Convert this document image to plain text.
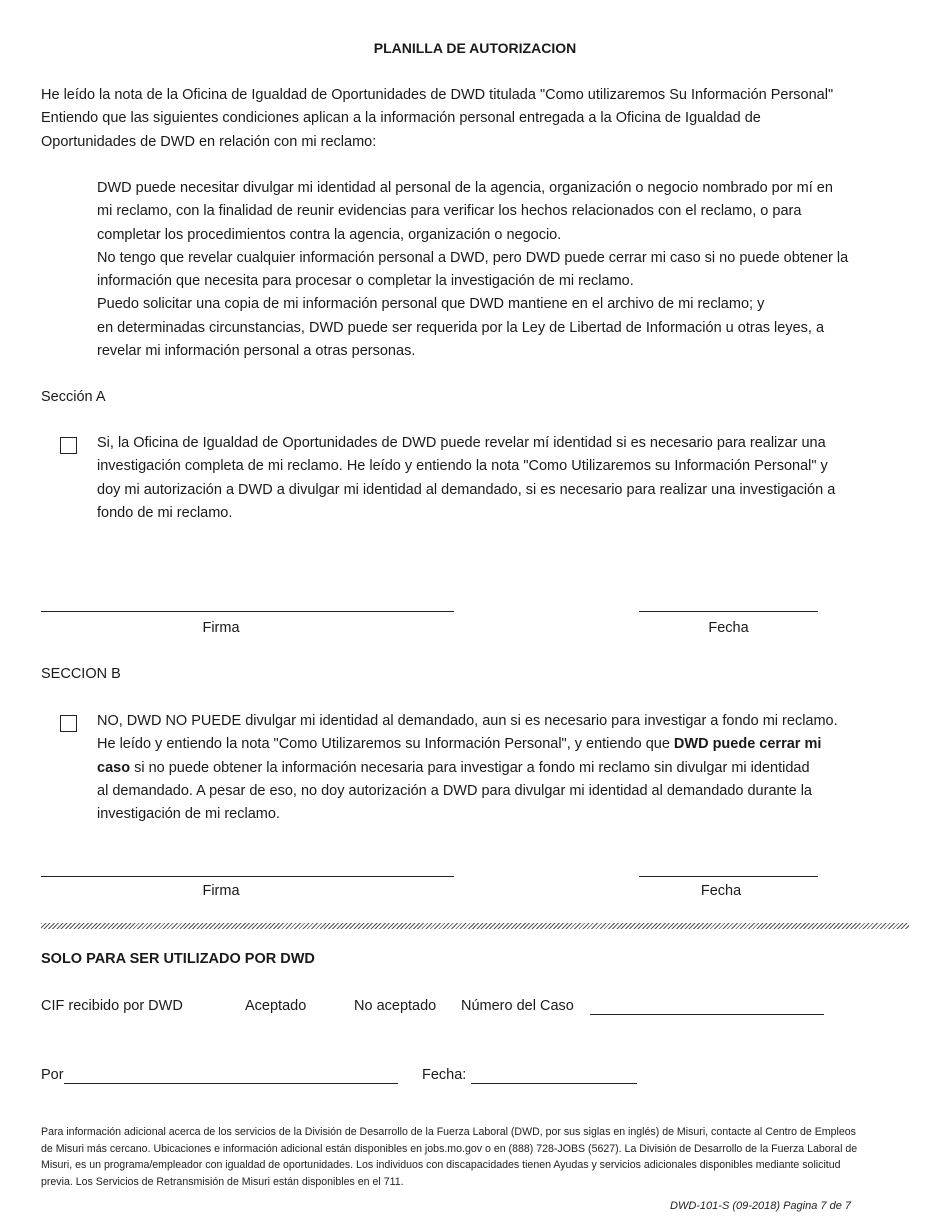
PLANILLA DE AUTORIZACION
He leído la nota de la Oficina de Igualdad de Oportunidades de DWD titulada "Como utilizaremos Su Información Personal"
Entiendo que las siguientes condiciones aplican a la información personal entregada a la Oficina de Igualdad de
Oportunidades de DWD en relación con mi reclamo:
DWD puede necesitar divulgar mi identidad al personal de la agencia, organización o negocio nombrado por mí en
mi reclamo, con la finalidad de reunir evidencias para verificar los hechos relacionados con el reclamo, o para
completar los procedimientos contra la agencia, organización o negocio.
No tengo que revelar cualquier información personal a DWD, pero DWD puede cerrar mi caso si no puede obtener la
información que necesita para procesar o completar la investigación de mi reclamo.
Puedo solicitar una copia de mi información personal que DWD mantiene en el archivo de mi reclamo; y
en determinadas circunstancias, DWD puede ser requerida por la Ley de Libertad de Información u otras leyes, a
revelar mi información personal a otras personas.
Sección A
Si, la Oficina de Igualdad de Oportunidades de DWD puede revelar mí identidad si es necesario para realizar una
investigación completa de mi reclamo. He leído y entiendo la nota "Como Utilizaremos su Información Personal" y
doy mi autorización a DWD a divulgar mi identidad al demandado, si es necesario para realizar una investigación a
fondo de mi reclamo.
Firma	Fecha
SECCION B
NO, DWD NO PUEDE divulgar mi identidad al demandado, aun si es necesario para investigar a fondo mi reclamo.
He leído y entiendo la nota "Como Utilizaremos su Información Personal", y entiendo que DWD puede cerrar mi
caso si no puede obtener la información necesaria para investigar a fondo mi reclamo sin divulgar mi identidad
al demandado. A pesar de eso, no doy autorización a DWD para divulgar mi identidad al demandado durante la
investigación de mi reclamo.
Firma	Fecha
SOLO PARA SER UTILIZADO POR DWD
CIF recibido por DWD	Aceptado	No aceptado Número del Caso
Por	Fecha:
Para información adicional acerca de los servicios de la División de Desarrollo de la Fuerza Laboral (DWD, por sus siglas en inglés) de Misuri, contacte al Centro de Empleos
de Misuri más cercano. Ubicaciones e información adicional están disponibles en jobs.mo.gov o en (888) 728-JOBS (5627). La División de Desarrollo de la Fuerza Laboral de
Misuri, es un programa/empleador con igualdad de oportunidades. Los individuos con discapacidades tienen Ayudas y servicios adicionales disponibles mediante solicitud
previa. Los Servicios de Retransmisión de Misuri están disponibles en el 711.
DWD-101-S (09-2018) Pagina 7 de 7
